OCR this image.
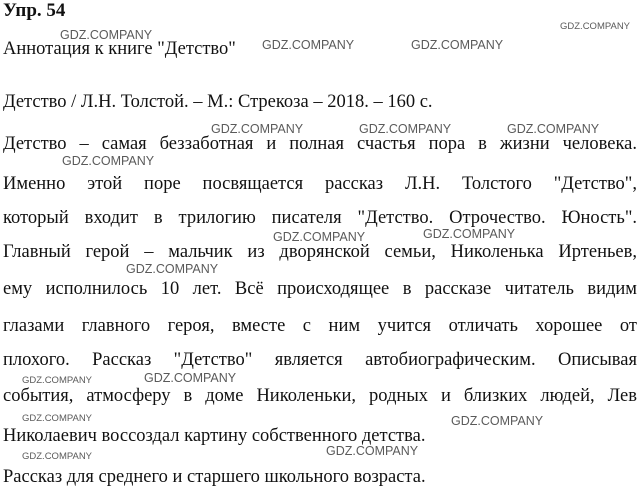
Упр. 54
Аннотация к книге "Детство"
Детство / Л.Н. Толстой. – М.: Стрекоза – 2018. – 160 с.
Детство – самая беззаботная и полная счастья пора в жизни человека.
Именно этой поре посвящается рассказ Л.Н. Толстого "Детство",
который входит в трилогию писателя "Детство. Отрочество. Юность".
Главный герой – мальчик из дворянской семьи, Николенька Иртеньев,
ему исполнилось 10 лет. Всё происходящее в рассказе читатель видим
глазами главного героя, вместе с ним учится отличать хорошее от
плохого. Рассказ "Детство" является автобиографическим. Описывая
события, атмосферу в доме Николеньки, родных и близких людей, Лев
Николаевич воссоздал картину собственного детства.
Рассказ для среднего и старшего школьного возраста.
GDZ.COMPANY
GDZ.COMPANY
GDZ.COMPANY	GDZ.COMPANY
GDZ.COMPANY	GDZ.COMPANY	GDZ.COMPANY
GDZ.COMPANY
GDZ.COMPANY	GDZ.COMPANY
GDZ.COMPANY
GDZ.COMPANY	GDZ.COMPANY
GDZ.COMPANY	GDZ.COMPANY
GDZ.COMPANY	GDZ.COMPANY
